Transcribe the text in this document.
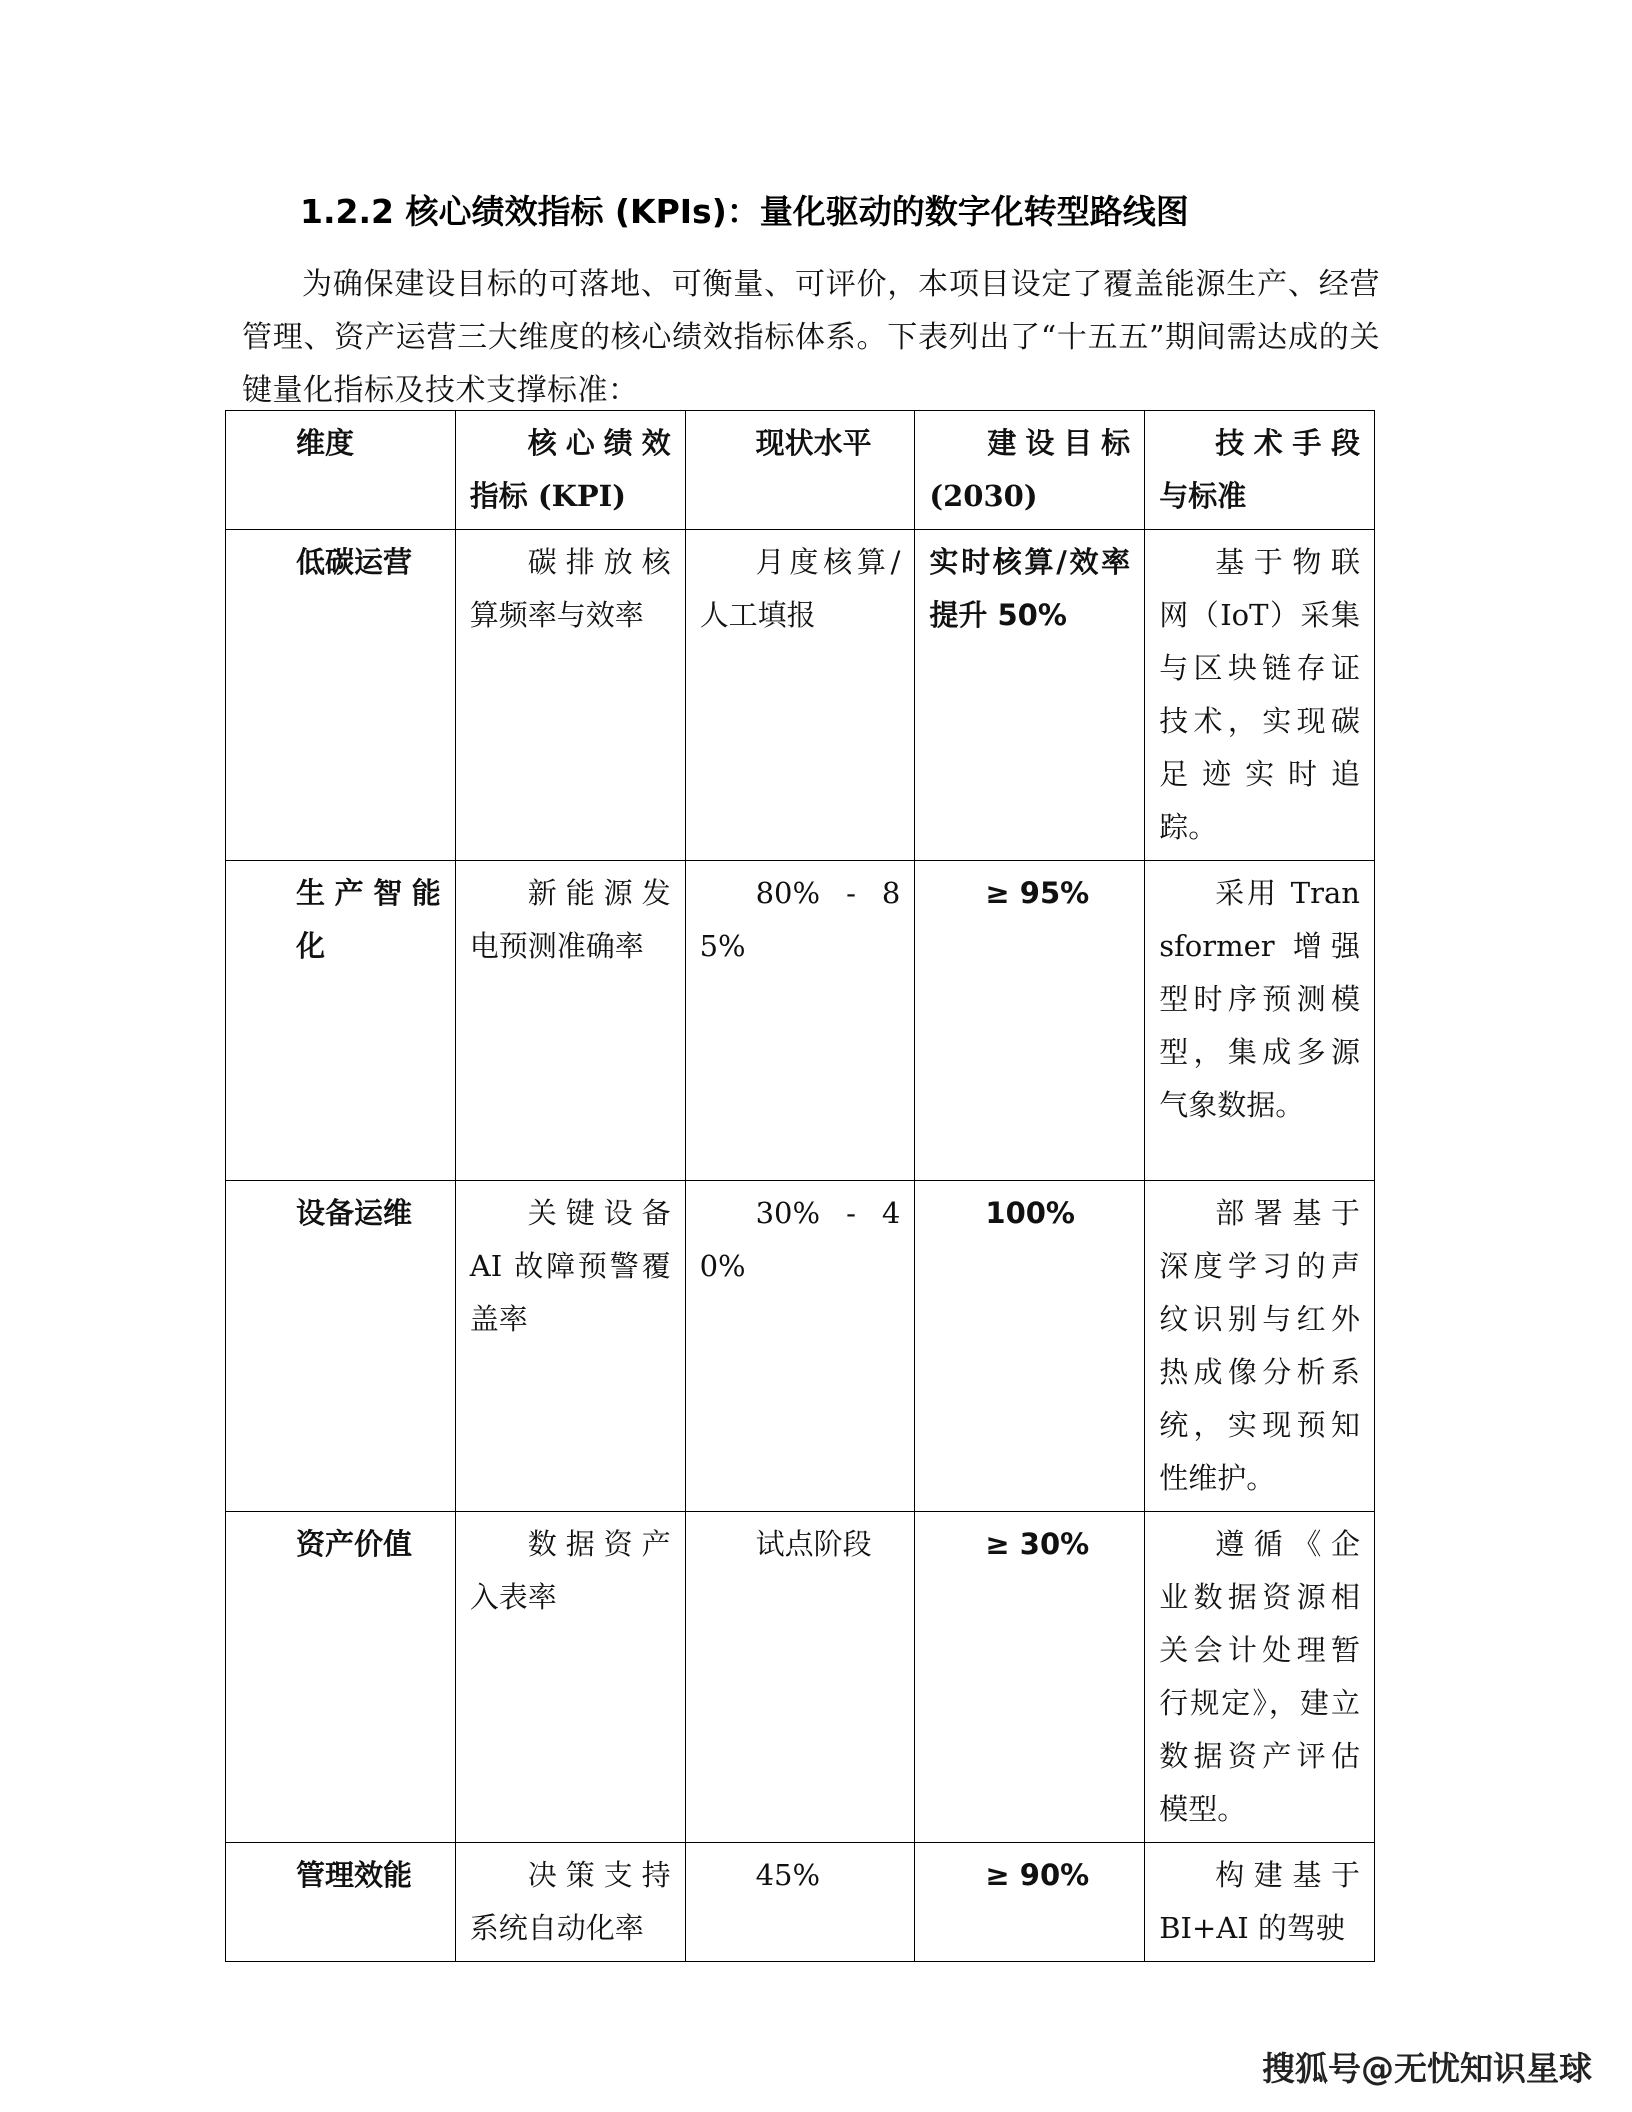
1.2.2 核心绩效指标 (KPIs)：量化驱动的数字化转型路线图
为确保建设目标的可落地、可衡量、可评价，本项目设定了覆盖能源生产、经营管理、资产运营三大维度的核心绩效指标体系。下表列出了“十五五”期间需达成的关键量化指标及技术支撑标准：
维度	核心绩效指标 (KPI)	现状水平	建设目标 (2030)	技术手段与标准
低碳运营	碳排放核算频率与效率	月度核算/人工填报	实时核算/效率提升 50%	基于物联网（IoT）采集与区块链存证技术，实现碳足迹实时追踪。
生产智能化	新能源发电预测准确率	80% - 85%	≥ 95%	采用 Transformer 增强型时序预测模型，集成多源气象数据。
设备运维	关键设备 AI 故障预警覆盖率	30% - 40%	100%	部署基于深度学习的声纹识别与红外热成像分析系统，实现预知性维护。
资产价值	数据资产入表率	试点阶段	≥ 30%	遵循《企业数据资源相关会计处理暂行规定》，建立数据资产评估模型。
管理效能	决策支持系统自动化率	45%	≥ 90%	构建基于 BI+AI 的驾驶
搜狐号@无忧知识星球
